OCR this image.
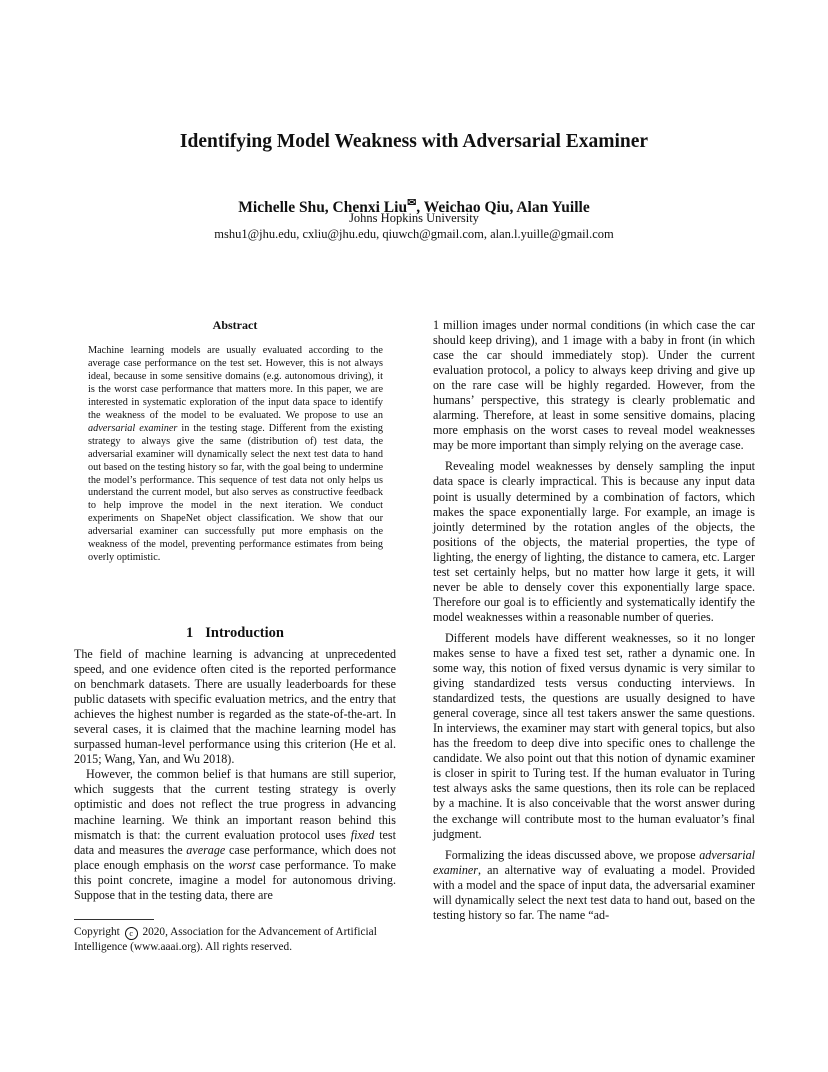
Identifying Model Weakness with Adversarial Examiner
Michelle Shu, Chenxi Liu✉, Weichao Qiu, Alan Yuille
Johns Hopkins University
mshu1@jhu.edu, cxliu@jhu.edu, qiuwch@gmail.com, alan.l.yuille@gmail.com
Abstract

Machine learning models are usually evaluated according to the average case performance on the test set. However, this is not always ideal, because in some sensitive domains (e.g. autonomous driving), it is the worst case performance that matters more. In this paper, we are interested in systematic exploration of the input data space to identify the weakness of the model to be evaluated. We propose to use an adversarial examiner in the testing stage. Different from the existing strategy to always give the same (distribution of) test data, the adversarial examiner will dynamically select the next test data to hand out based on the testing history so far, with the goal being to undermine the model’s performance. This sequence of test data not only helps us understand the current model, but also serves as constructive feedback to help improve the model in the next iteration. We conduct experiments on ShapeNet object classification. We show that our adversarial examiner can successfully put more emphasis on the weakness of the model, preventing performance estimates from being overly optimistic.

1 Introduction

The field of machine learning is advancing at unprecedented speed, and one evidence often cited is the reported performance on benchmark datasets. There are usually leaderboards for these public datasets with specific evaluation metrics, and the entry that achieves the highest number is regarded as the state-of-the-art. In several cases, it is claimed that the machine learning model has surpassed human-level performance using this criterion (He et al. 2015; Wang, Yan, and Wu 2018).

However, the common belief is that humans are still superior, which suggests that the current testing strategy is overly optimistic and does not reflect the true progress in advancing machine learning. We think an important reason behind this mismatch is that: the current evaluation protocol uses fixed test data and measures the average case performance, which does not place enough emphasis on the worst case performance. To make this point concrete, imagine a model for autonomous driving. Suppose that in the testing data, there are

Copyright c 2020, Association for the Advancement of Artificial Intelligence (www.aaai.org). All rights reserved.

1 million images under normal conditions (in which case the car should keep driving), and 1 image with a baby in front (in which case the car should immediately stop). Under the current evaluation protocol, a policy to always keep driving and give up on the rare case will be highly regarded. However, from the humans’ perspective, this strategy is clearly problematic and alarming. Therefore, at least in some sensitive domains, placing more emphasis on the worst cases to reveal model weaknesses may be more important than simply relying on the average case.

Revealing model weaknesses by densely sampling the input data space is clearly impractical. This is because any input data point is usually determined by a combination of factors, which makes the space exponentially large. For example, an image is jointly determined by the rotation angles of the objects, the positions of the objects, the material properties, the type of lighting, the energy of lighting, the distance to camera, etc. Larger test set certainly helps, but no matter how large it gets, it will never be able to densely cover this exponentially large space. Therefore our goal is to efficiently and systematically identify the model weaknesses within a reasonable number of queries.

Different models have different weaknesses, so it no longer makes sense to have a fixed test set, rather a dynamic one. In some way, this notion of fixed versus dynamic is very similar to giving standardized tests versus conducting interviews. In standardized tests, the questions are usually designed to have general coverage, since all test takers answer the same questions. In interviews, the examiner may start with general topics, but also has the freedom to deep dive into specific ones to challenge the candidate. We also point out that this notion of dynamic examiner is closer in spirit to Turing test. If the human evaluator in Turing test always asks the same questions, then its role can be replaced by a machine. It is also conceivable that the worst answer during the exchange will contribute most to the human evaluator’s final judgment.

Formalizing the ideas discussed above, we propose adversarial examiner, an alternative way of evaluating a model. Provided with a model and the space of input data, the adversarial examiner will dynamically select the next test data to hand out, based on the testing history so far. The name “ad-
